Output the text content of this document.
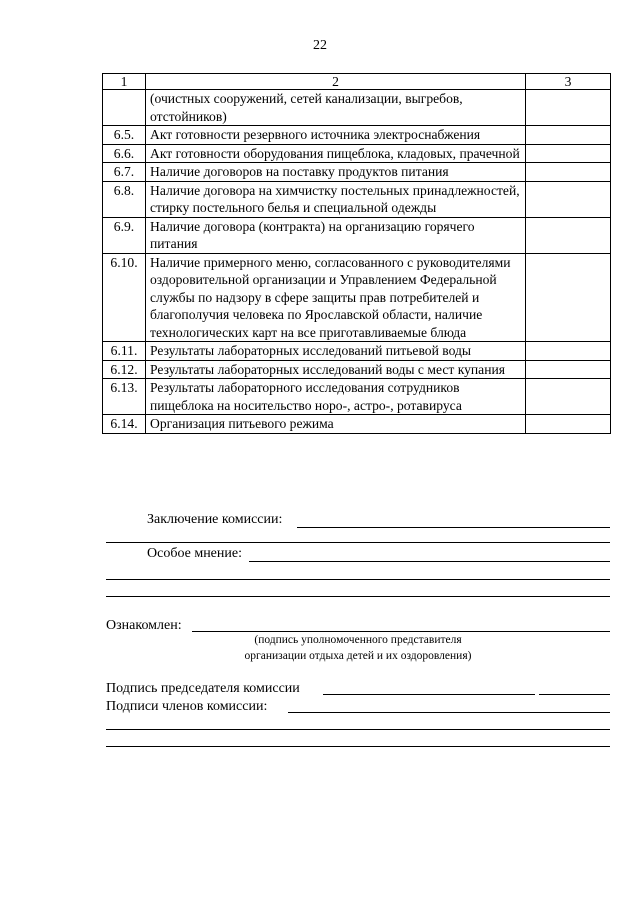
22
1	2	3
	(очистных сооружений, сетей канализации, выгребов, отстойников)	
6.5.	Акт готовности резервного источника электроснабжения	
6.6.	Акт готовности оборудования пищеблока, кладовых, прачечной	
6.7.	Наличие договоров на поставку продуктов питания	
6.8.	Наличие договора на химчистку постельных принадлежностей, стирку постельного белья и специальной одежды	
6.9.	Наличие договора (контракта) на организацию горячего питания	
6.10.	Наличие примерного меню, согласованного с руководителями оздоровительной организации и Управлением Федеральной службы по надзору в сфере защиты прав потребителей и благополучия человека по Ярославской области, наличие технологических карт на все приготавливаемые блюда	
6.11.	Результаты лабораторных исследований питьевой воды	
6.12.	Результаты лабораторных исследований воды с мест купания	
6.13.	Результаты лабораторного исследования сотрудников пищеблока на носительство норо-, астро-, ротавируса	
6.14.	Организация питьевого режима	
Заключение комиссии:
Особое мнение:
Ознакомлен:
(подпись уполномоченного представителя
организации отдыха детей и их оздоровления)
Подпись председателя комиссии
Подписи членов комиссии:
